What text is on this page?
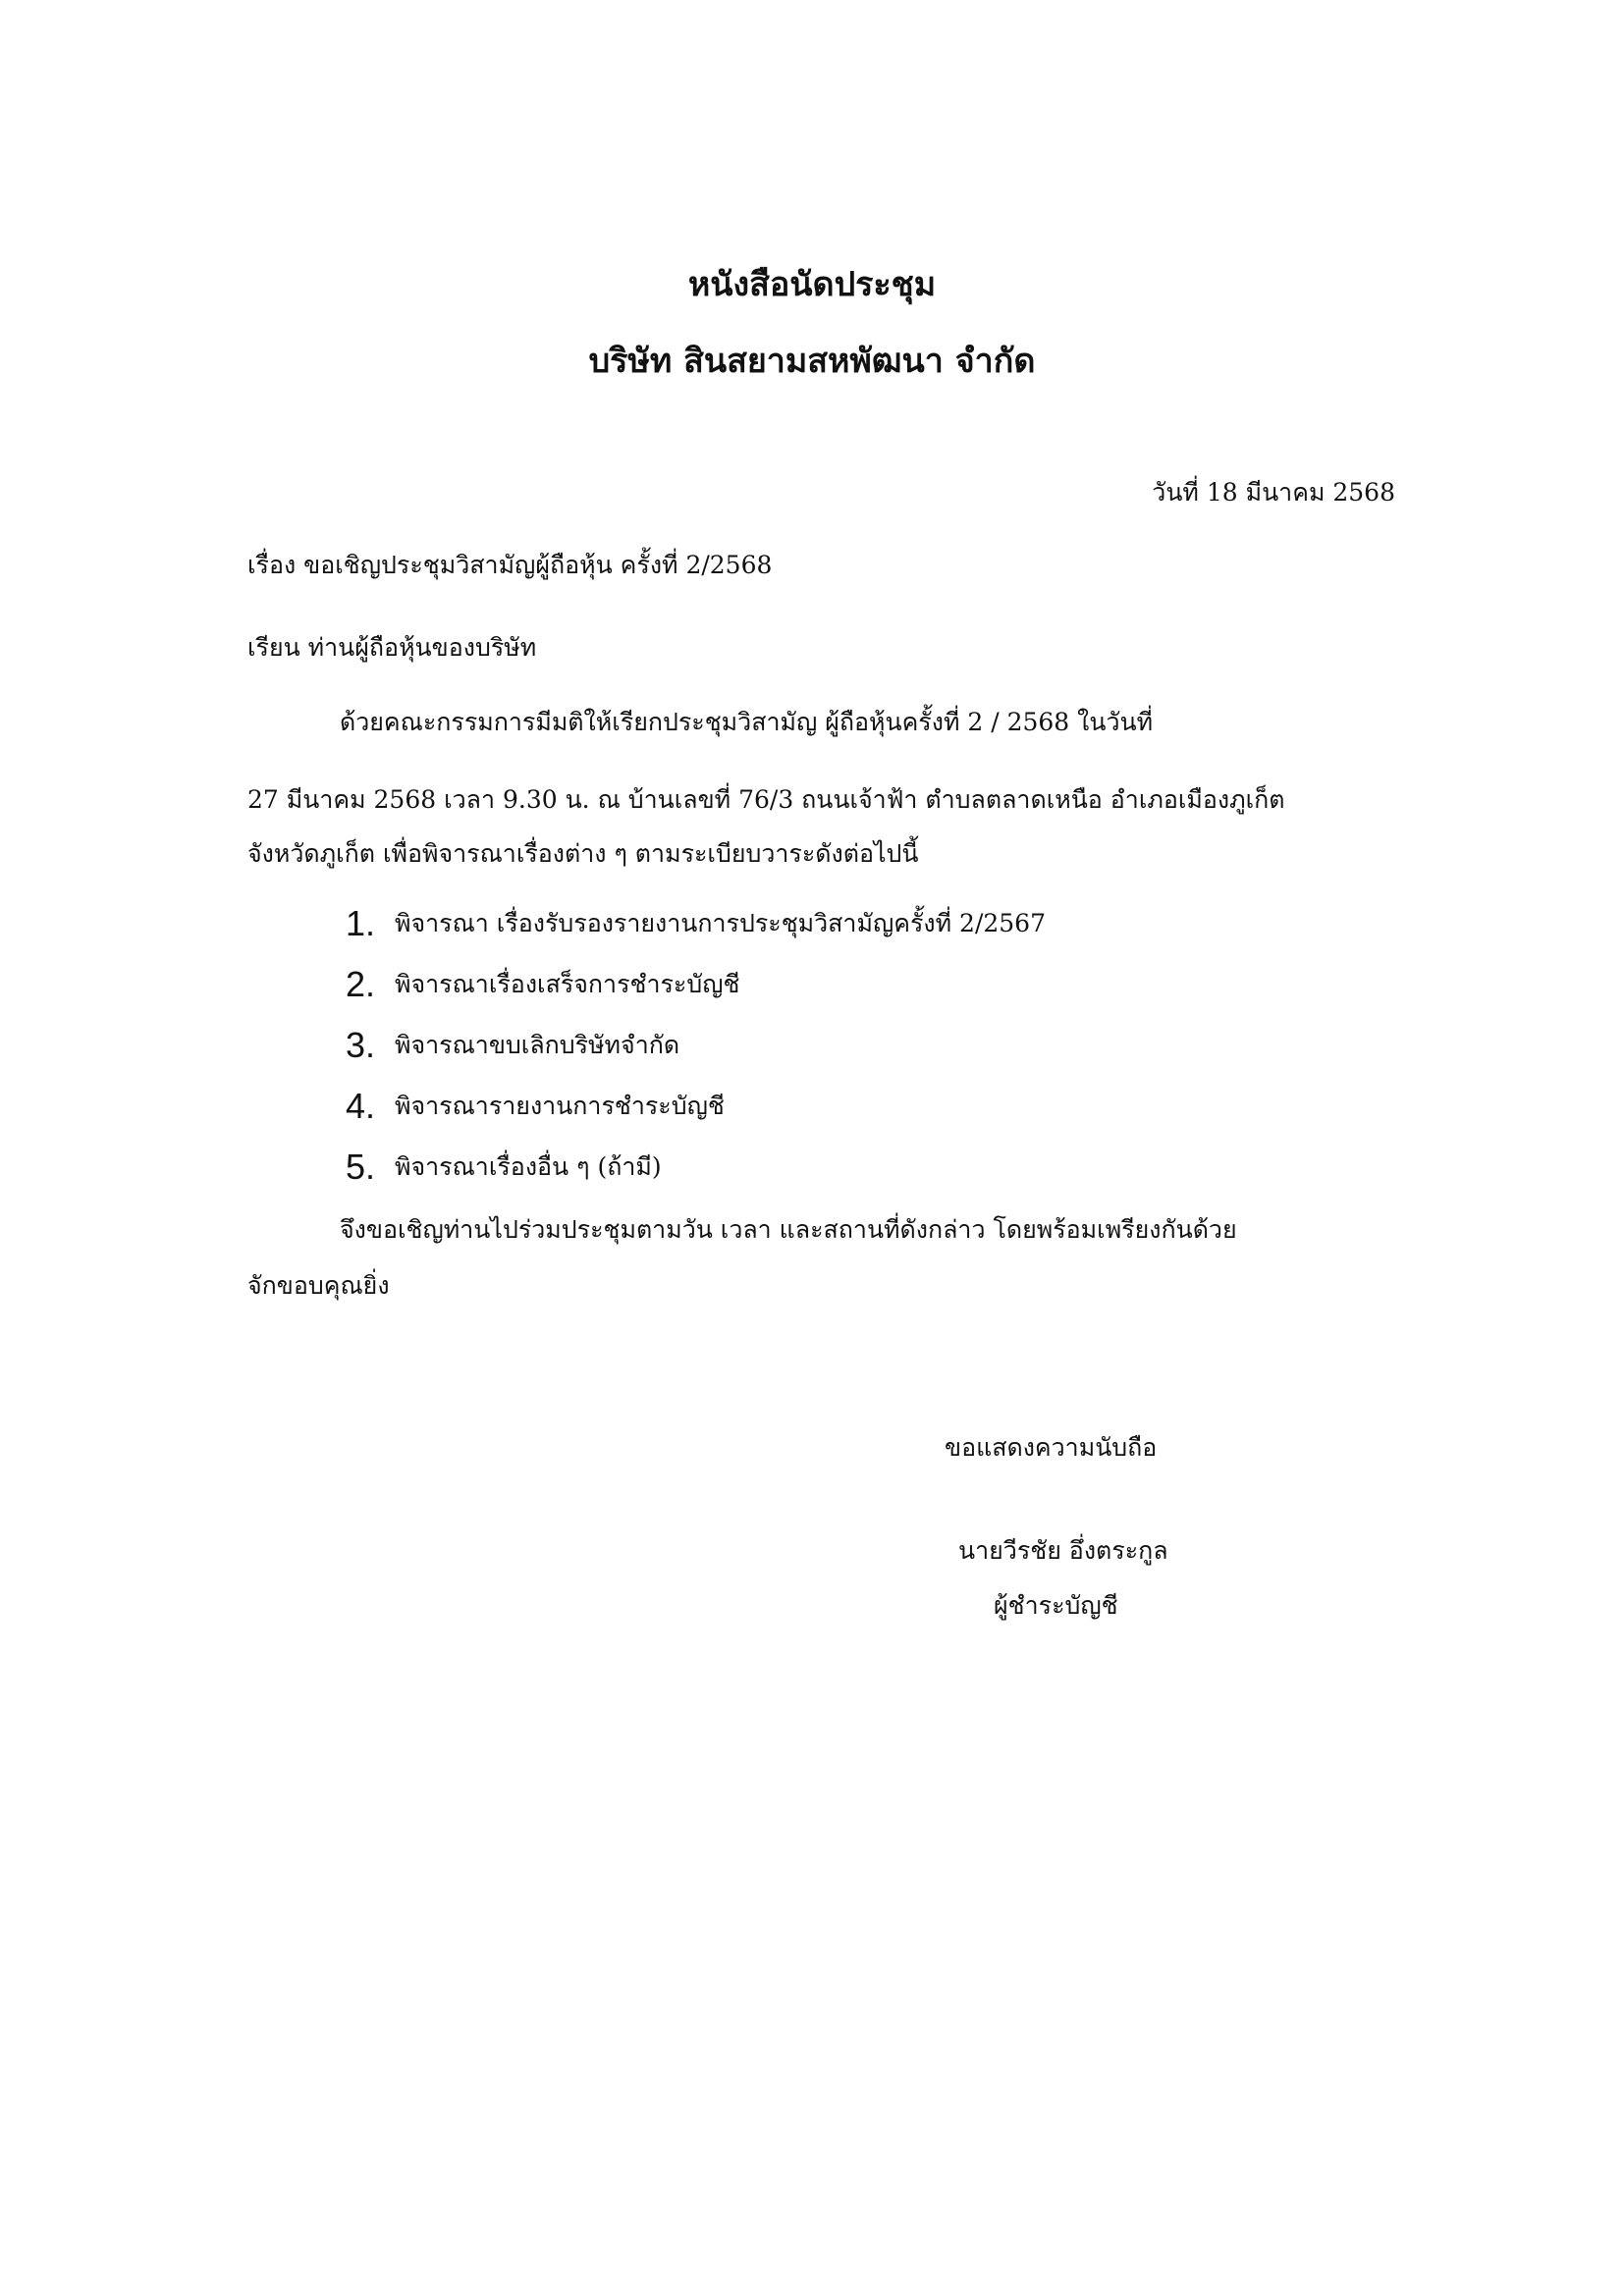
หนังสือนัดประชุม
บริษัท สินสยามสหพัฒนา จำกัด
วันที่ 18 มีนาคม 2568
เรื่อง ขอเชิญประชุมวิสามัญผู้ถือหุ้น ครั้งที่ 2/2568
เรียน ท่านผู้ถือหุ้นของบริษัท
ด้วยคณะกรรมการมีมติให้เรียกประชุมวิสามัญ ผู้ถือหุ้นครั้งที่ 2 / 2568 ในวันที่
27 มีนาคม 2568 เวลา 9.30 น. ณ บ้านเลขที่ 76/3 ถนนเจ้าฟ้า ตำบลตลาดเหนือ อำเภอเมืองภูเก็ต
จังหวัดภูเก็ต เพื่อพิจารณาเรื่องต่าง ๆ ตามระเบียบวาระดังต่อไปนี้
1. พิจารณา เรื่องรับรองรายงานการประชุมวิสามัญครั้งที่ 2/2567
2. พิจารณาเรื่องเสร็จการชำระบัญชี
3. พิจารณาขบเลิกบริษัทจำกัด
4. พิจารณารายงานการชำระบัญชี
5. พิจารณาเรื่องอื่น ๆ (ถ้ามี)
จึงขอเชิญท่านไปร่วมประชุมตามวัน เวลา และสถานที่ดังกล่าว โดยพร้อมเพรียงกันด้วย
จักขอบคุณยิ่ง
ขอแสดงความนับถือ
นายวีรชัย อึ่งตระกูล
ผู้ชำระบัญชี
